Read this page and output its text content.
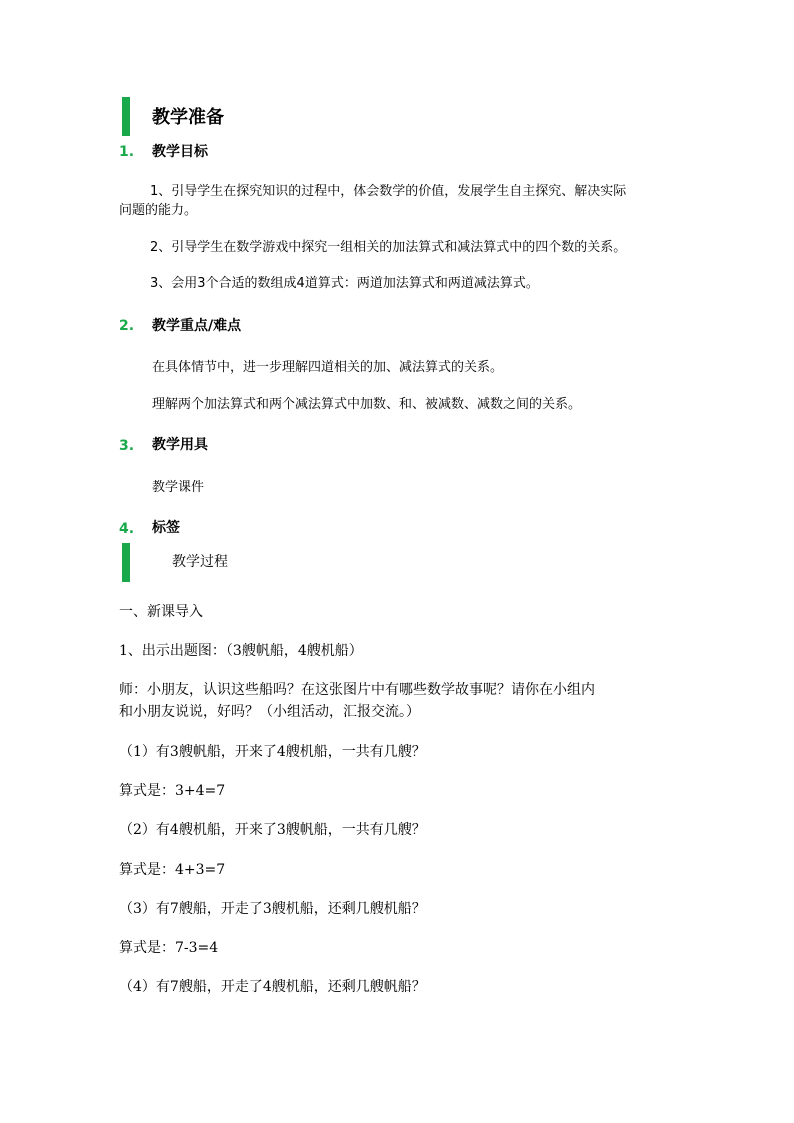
教学准备
1. 教学目标
1、引导学生在探究知识的过程中，体会数学的价值，发展学生自主探究、解决实际
问题的能力。
2、引导学生在数学游戏中探究一组相关的加法算式和减法算式中的四个数的关系。
3、会用3个合适的数组成4道算式：两道加法算式和两道减法算式。
2. 教学重点/难点
在具体情节中，进一步理解四道相关的加、减法算式的关系。
理解两个加法算式和两个减法算式中加数、和、被减数、减数之间的关系。
3. 教学用具
教学课件
4. 标签
教学过程
一、新课导入
1、出示出题图：（3艘帆船，4艘机船）
师：小朋友，认识这些船吗？在这张图片中有哪些数学故事呢？请你在小组内
和小朋友说说，好吗？（小组活动，汇报交流。）
（1）有3艘帆船，开来了4艘机船，一共有几艘？
算式是：3+4=7
（2）有4艘机船，开来了3艘帆船，一共有几艘？
算式是：4+3=7
（3）有7艘船，开走了3艘机船，还剩几艘机船？
算式是：7-3=4
（4）有7艘船，开走了4艘机船，还剩几艘帆船？
